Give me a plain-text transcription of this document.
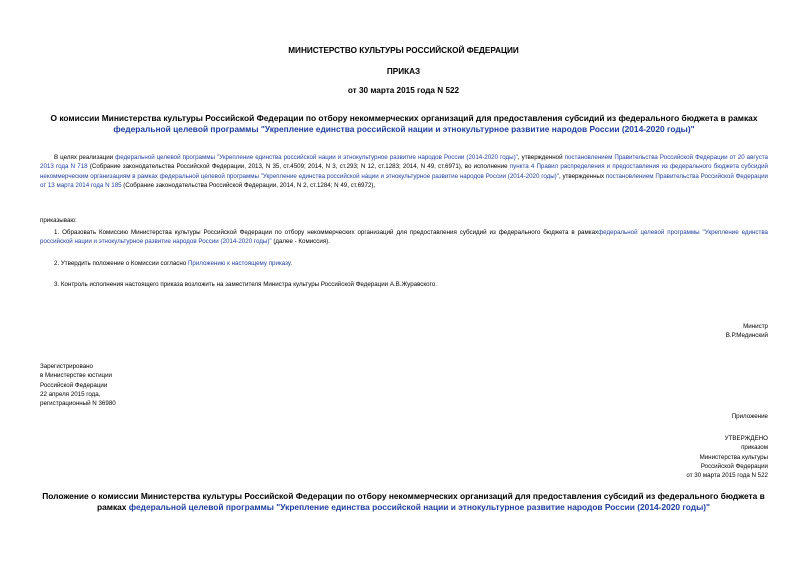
МИНИСТЕРСТВО КУЛЬТУРЫ РОССИЙСКОЙ ФЕДЕРАЦИИ
ПРИКАЗ
от 30 марта 2015 года N 522
О комиссии Министерства культуры Российской Федерации по отбору некоммерческих организаций для предоставления субсидий из федерального бюджета в рамках федеральной целевой программы "Укрепление единства российской нации и этнокультурное развитие народов России (2014-2020 годы)"
В целях реализации федеральной целевой программы "Укрепление единства российской нации и этнокультурное развитие народов России (2014-2020 годы)", утвержденной постановлением Правительства Российской Федерации от 20 августа 2013 года N 718 (Собрание законодательства Российской Федерации, 2013, N 35, ст.4509; 2014, N 3, ст.293; N 12, ст.1283; 2014, N 49, ст.6971), во исполнение пункта 4 Правил распределения и предоставления из федерального бюджета субсидий некоммерческим организациям в рамках федеральной целевой программы "Укрепление единства российской нации и этнокультурное развитие народов России (2014-2020 годы)", утвержденных постановлением Правительства Российской Федерации от 13 марта 2014 года N 185 (Собрание законодательства Российской Федерации, 2014, N 2, ст.1284; N 49, ст.6972),
приказываю:
1. Образовать Комиссию Министерства культуры Российской Федерации по отбору некоммерческих организаций для предоставления субсидий из федерального бюджета в рамкахфедеральной целевой программы "Укрепление единства российской нации и этнокультурное развитие народов России (2014-2020 годы)" (далее - Комиссия).
2. Утвердить положение о Комиссии согласно Приложению к настоящему приказу.
3. Контроль исполнения настоящего приказа возложить на заместителя Министра культуры Российской Федерации А.В.Журавского.
Министр
В.Р.Мединский
Зарегистрировано
в Министерстве юстиции
Российской Федерации
22 апреля 2015 года,
регистрационный N 36980
Приложение
УТВЕРЖДЕНО
приказом
Министерства культуры
Российской Федерации
от 30 марта 2015 года N 522
Положение о комиссии Министерства культуры Российской Федерации по отбору некоммерческих организаций для предоставления субсидий из федерального бюджета в рамках федеральной целевой программы "Укрепление единства российской нации и этнокультурное развитие народов России (2014-2020 годы)"
